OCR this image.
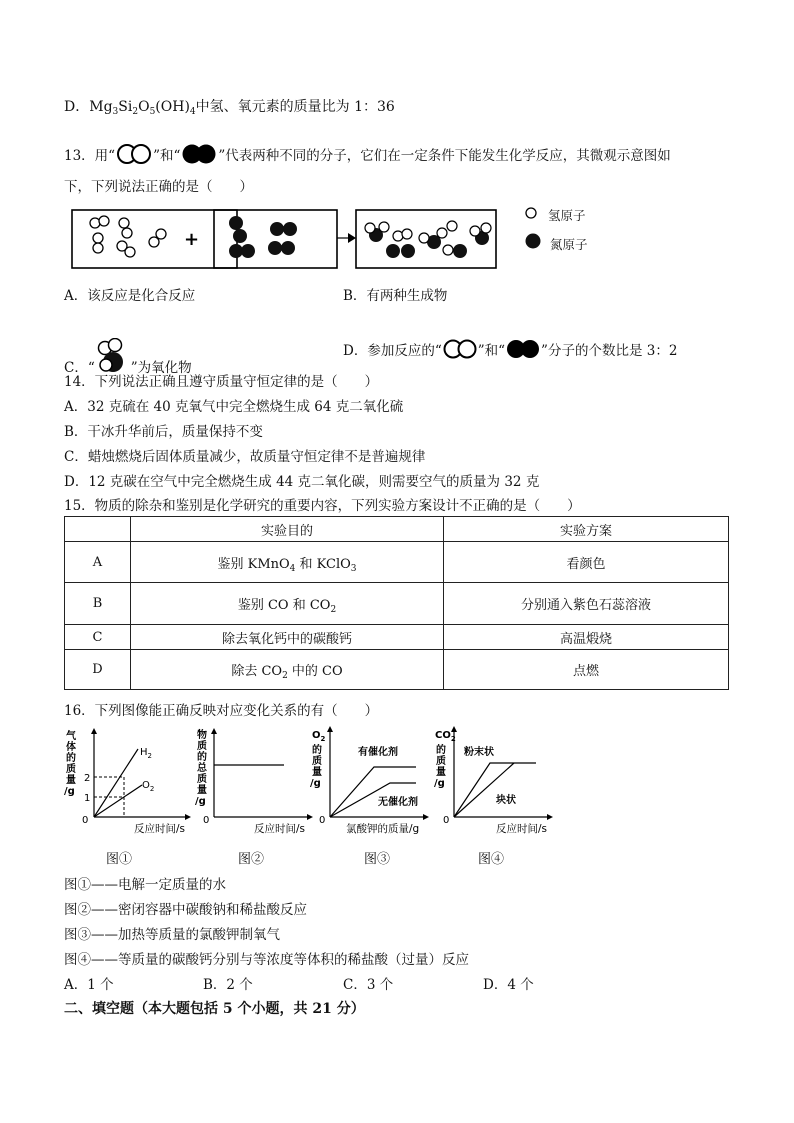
D．$Mg_3Si_2O_5(OH)_4$中氢、氧元素的质量比为 1：36
13．用“	”和“	”代表两种不同的分子，它们在一定条件下能发生化学反应，其微观示意图如
下，下列说法正确的是（　　）
+
氢原子
氮原子
A．该反应是化合反应	B．有两种生成物
C．“	”为氧化物
D．参加反应的“	”和“	”分子的个数比是 3：2
14．下列说法正确且遵守质量守恒定律的是（　　）
A．32 克硫在 40 克氧气中完全燃烧生成 64 克二氧化硫
B．干冰升华前后，质量保持不变
C．蜡烛燃烧后固体质量减少，故质量守恒定律不是普遍规律
D．12 克碳在空气中完全燃烧生成 44 克二氧化碳，则需要空气的质量为 32 克
15．物质的除杂和鉴别是化学研究的重要内容，下列实验方案设计不正确的是（　　）
	实验目的	实验方案
A	鉴别 KMnO$_4$ 和 KClO$_3$	看颜色
B	鉴别 CO 和 $CO_2$	分别通入紫色石蕊溶液
C	除去氧化钙中的碳酸钙	高温煅烧
D	除去 $CO_2$ 中的 CO	点燃
16．下列图像能正确反映对应变化关系的有（　　）
气
体
的
质
量
/g
0
2
1
$H_2$
$O_2$
反应时间/s
物
质
的
总
质
量
/g
0
反应时间/s
$O_2$
的
质
量
/g
0
有催化剂
无催化剂
氯酸钾的质量/g
$CO_2$
的
质
量
/g
0
粉末状
块状
反应时间/s
图①	图②	图③	图④
图①——电解一定质量的水
图②——密闭容器中碳酸钠和稀盐酸反应
图③——加热等质量的氯酸钾制氧气
图④——等质量的碳酸钙分别与等浓度等体积的稀盐酸（过量）反应
A．1 个	B．2 个	C．3 个	D．4 个
二、填空题（本大题包括 5 个小题，共 21 分）
